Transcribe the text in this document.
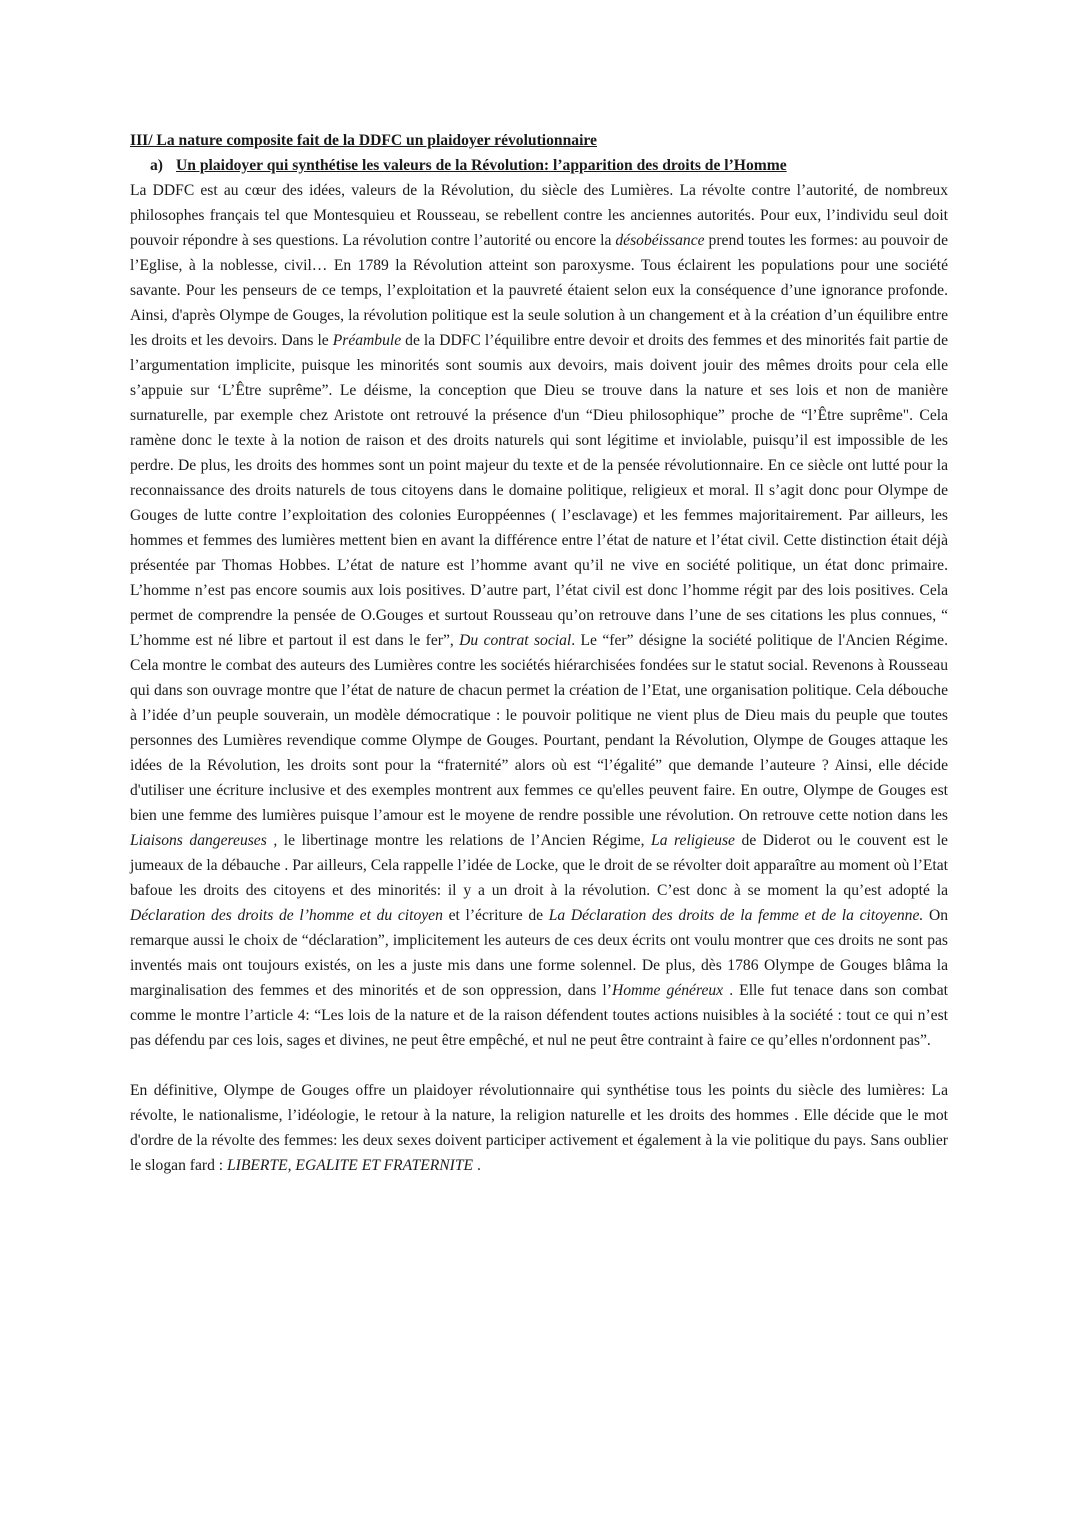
III/ La nature composite fait de la DDFC un plaidoyer révolutionnaire

a) Un plaidoyer qui synthétise les valeurs de la Révolution: l’apparition des droits de l’Homme

La DDFC est au cœur des idées, valeurs de la Révolution, du siècle des Lumières. La révolte contre l’autorité, de nombreux philosophes français tel que Montesquieu et Rousseau, se rebellent contre les anciennes autorités. Pour eux, l’individu seul doit pouvoir répondre à ses questions. La révolution contre l’autorité ou encore la désobéissance prend toutes les formes: au pouvoir de l’Eglise, à la noblesse, civil… En 1789 la Révolution atteint son paroxysme. Tous éclairent les populations pour une société savante. Pour les penseurs de ce temps, l’exploitation et la pauvreté étaient selon eux la conséquence d’une ignorance profonde. Ainsi, d'après Olympe de Gouges, la révolution politique est la seule solution à un changement et à la création d’un équilibre entre les droits et les devoirs. Dans le Préambule de la DDFC l’équilibre entre devoir et droits des femmes et des minorités fait partie de l’argumentation implicite, puisque les minorités sont soumis aux devoirs, mais doivent jouir des mêmes droits pour cela elle s’appuie sur ‘L’Être suprême”. Le déisme, la conception que Dieu se trouve dans la nature et ses lois et non de manière surnaturelle, par exemple chez Aristote ont retrouvé la présence d'un “Dieu philosophique” proche de “l’Être suprême". Cela ramène donc le texte à la notion de raison et des droits naturels qui sont légitime et inviolable, puisqu’il est impossible de les perdre. De plus, les droits des hommes sont un point majeur du texte et de la pensée révolutionnaire. En ce siècle ont lutté pour la reconnaissance des droits naturels de tous citoyens dans le domaine politique, religieux et moral. Il s’agit donc pour Olympe de Gouges de lutte contre l’exploitation des colonies Europpéennes ( l’esclavage) et les femmes majoritairement. Par ailleurs, les hommes et femmes des lumières mettent bien en avant la différence entre l’état de nature et l’état civil. Cette distinction était déjà présentée par Thomas Hobbes. L’état de nature est l’homme avant qu’il ne vive en société politique, un état donc primaire. L’homme n’est pas encore soumis aux lois positives. D’autre part, l’état civil est donc l’homme régit par des lois positives. Cela permet de comprendre la pensée de O.Gouges et surtout Rousseau qu’on retrouve dans l’une de ses citations les plus connues, “ L’homme est né libre et partout il est dans le fer”, Du contrat social. Le “fer” désigne la société politique de l'Ancien Régime. Cela montre le combat des auteurs des Lumières contre les sociétés hiérarchisées fondées sur le statut social. Revenons à Rousseau qui dans son ouvrage montre que l’état de nature de chacun permet la création de l’Etat, une organisation politique. Cela débouche à l’idée d’un peuple souverain, un modèle démocratique : le pouvoir politique ne vient plus de Dieu mais du peuple que toutes personnes des Lumières revendique comme Olympe de Gouges. Pourtant, pendant la Révolution, Olympe de Gouges attaque les idées de la Révolution, les droits sont pour la “fraternité” alors où est “l’égalité” que demande l’auteure ? Ainsi, elle décide d'utiliser une écriture inclusive et des exemples montrent aux femmes ce qu'elles peuvent faire. En outre, Olympe de Gouges est bien une femme des lumières puisque l’amour est le moyene de rendre possible une révolution. On retrouve cette notion dans les Liaisons dangereuses , le libertinage montre les relations de l’Ancien Régime, La religieuse de Diderot ou le couvent est le jumeaux de la débauche . Par ailleurs, Cela rappelle l’idée de Locke, que le droit de se révolter doit apparaître au moment où l’Etat bafoue les droits des citoyens et des minorités: il y a un droit à la révolution. C’est donc à se moment la qu’est adopté la Déclaration des droits de l’homme et du citoyen et l’écriture de La Déclaration des droits de la femme et de la citoyenne. On remarque aussi le choix de “déclaration”, implicitement les auteurs de ces deux écrits ont voulu montrer que ces droits ne sont pas inventés mais ont toujours existés, on les a juste mis dans une forme solennel. De plus, dès 1786 Olympe de Gouges blâma la marginalisation des femmes et des minorités et de son oppression, dans l’Homme généreux . Elle fut tenace dans son combat comme le montre l’article 4: “Les lois de la nature et de la raison défendent toutes actions nuisibles à la société : tout ce qui n’est pas défendu par ces lois, sages et divines, ne peut être empêché, et nul ne peut être contraint à faire ce qu’elles n'ordonnent pas”.

En définitive, Olympe de Gouges offre un plaidoyer révolutionnaire qui synthétise tous les points du siècle des lumières: La révolte, le nationalisme, l’idéologie, le retour à la nature, la religion naturelle et les droits des hommes . Elle décide que le mot d'ordre de la révolte des femmes: les deux sexes doivent participer activement et également à la vie politique du pays. Sans oublier le slogan fard : LIBERTE, EGALITE ET FRATERNITE .
